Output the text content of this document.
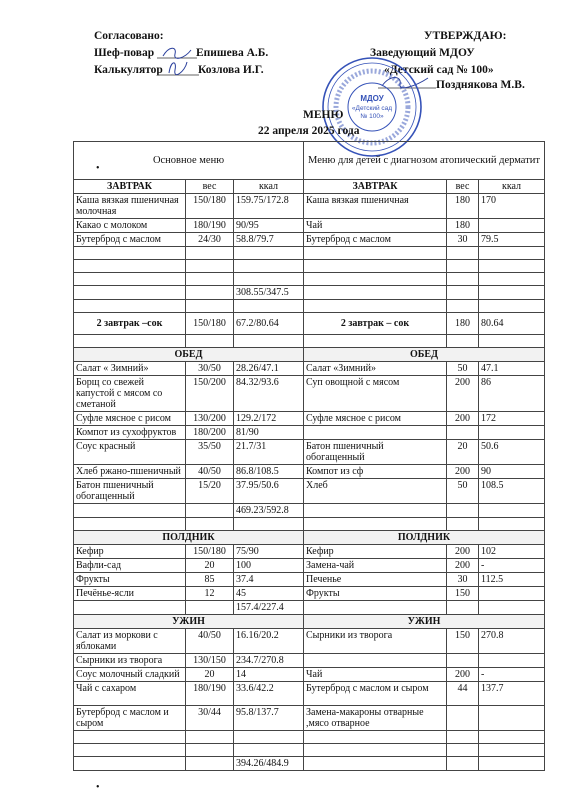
Согласовано:
Шеф-повар	Епишева А.Б.
Калькулятор	Козлова И.Г.
УТВЕРЖДАЮ:
Заведующий МДОУ
«Детский сад № 100»
Позднякова М.В.
МДОУ
«Детский сад
№ 100»
МЕНЮ
22 апреля 2025 года
Основное меню			Меню для детей с диагнозом атопический дерматит		
ЗАВТРАК	вес	ккал	ЗАВТРАК	вес	ккал
Каша вязкая пшеничная молочная	150/180	159.75/172.8	Каша вязкая пшеничная	180	170
Какао с молоком	180/190	90/95	Чай	180	
Бутерброд с маслом	24/30	58.8/79.7	Бутерброд с маслом	30	79.5

		308.55/347.5			

2 завтрак –сок	150/180	67.2/80.64	2 завтрак – сок	180	80.64

ОБЕД			ОБЕД		
Салат « Зимний»	30/50	28.26/47.1	Салат «Зимний»	50	47.1
Борщ со свежей капустой с мясом со сметаной	150/200	84.32/93.6	Суп овощной с мясом	200	86
Суфле мясное с рисом	130/200	129.2/172	Суфле мясное с рисом	200	172
Компот из сухофруктов	180/200	81/90			
Соус красный	35/50	21.7/31	Батон пшеничный обогащенный	20	50.6
Хлеб ржано-пшеничный	40/50	86.8/108.5	Компот из сф	200	90
Батон пшеничный обогащенный	15/20	37.95/50.6	Хлеб	50	108.5
		469.23/592.8			

ПОЛДНИК			ПОЛДНИК		
Кефир	150/180	75/90	Кефир	200	102
Вафли-сад	20	100	Замена-чай	200	-
Фрукты	85	37.4	Печенье	30	112.5
Печёнье-ясли	12	45	Фрукты	150	
		157.4/227.4			
УЖИН			УЖИН		
Салат из моркови с яблоками	40/50	16.16/20.2	Сырники из творога	150	270.8
Сырники из творога	130/150	234.7/270.8			
Соус молочный сладкий	20	14	Чай	200	-
Чай с сахаром	180/190	33.6/42.2	Бутерброд с маслом и сыром	44	137.7
Бутерброд с маслом и сыром	30/44	95.8/137.7	Замена-макароны отварные ,мясо отварное		

		394.26/484.9			
•
•
